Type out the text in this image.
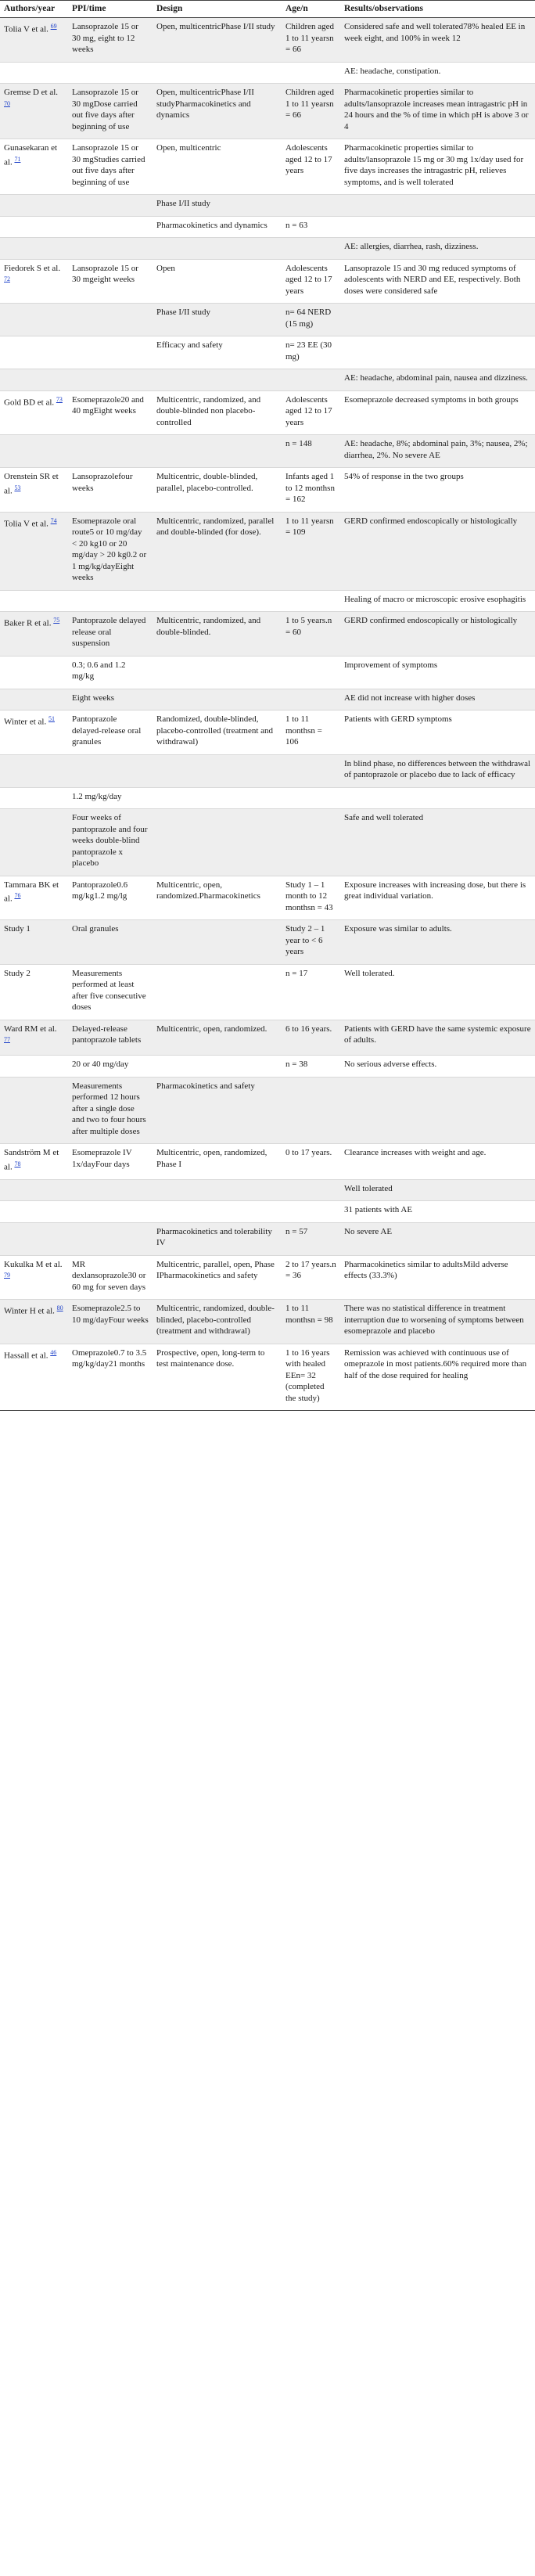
Authors/year	PPI/time	Design	Age/n	Results/observations
Tolia V et al. $^{69}$	Lansoprazole 15 or 30 mg, eight to 12 weeks	Open, multicentricPhase I/II study	Children aged 1 to 11 yearsn = 66	Considered safe and well tolerated78% healed EE in week eight, and 100% in week 12
				AE: headache, constipation.
Gremse D et al. $^{70}$	Lansoprazole 15 or 30 mgDose carried out five days after beginning of use	Open, multicentricPhase I/II studyPharmacokinetics and dynamics	Children aged 1 to 11 yearsn = 66	Pharmacokinetic properties similar to adults/lansoprazole increases mean intragastric pH in 24 hours and the % of time in which pH is above 3 or 4
Gunasekaran et al. $^{71}$	Lansoprazole 15 or 30 mgStudies carried out five days after beginning of use	Open, multicentric	Adolescents aged 12 to 17 years	Pharmacokinetic properties similar to adults/lansoprazole 15 mg or 30 mg 1x/day used for five days increases the intragastric pH, relieves symptoms, and is well tolerated
		Phase I/II study		
		Pharmacokinetics and dynamics	n = 63	
				AE: allergies, diarrhea, rash, dizziness.
Fiedorek S et al. $^{72}$	Lansoprazole 15 or 30 mgeight weeks	Open	Adolescents aged 12 to 17 years	Lansoprazole 15 and 30 mg reduced symptoms of adolescents with NERD and EE, respectively. Both doses were considered safe
		Phase I/II study	n= 64 NERD (15 mg)	
		Efficacy and safety	n= 23 EE (30 mg)	
				AE: headache, abdominal pain, nausea and dizziness.
Gold BD et al. $^{73}$	Esomeprazole20 and 40 mgEight weeks	Multicentric, randomized, and double-blinded non placebo-controlled	Adolescents aged 12 to 17 years	Esomeprazole decreased symptoms in both groups
			n = 148	AE: headache, 8%; abdominal pain, 3%; nausea, 2%; diarrhea, 2%. No severe AE
Orenstein SR et al. $^{53}$	Lansoprazolefour weeks	Multicentric, double-blinded, parallel, placebo-controlled.	Infants aged 1 to 12 monthsn = 162	54% of response in the two groups
Tolia V et al. $^{74}$	Esomeprazole oral route5 or 10 mg/day < 20 kg10 or 20 mg/day > 20 kg0.2 or 1 mg/kg/dayEight weeks	Multicentric, randomized, parallel and double-blinded (for dose).	1 to 11 yearsn = 109	GERD confirmed endoscopically or histologically
				Healing of macro or microscopic erosive esophagitis
Baker R et al. $^{75}$	Pantoprazole delayed release oral suspension	Multicentric, randomized, and double-blinded.	1 to 5 years.n = 60	GERD confirmed endoscopically or histologically
	0.3; 0.6 and 1.2 mg/kg			Improvement of symptoms
	Eight weeks			AE did not increase with higher doses
Winter et al. $^{51}$	Pantoprazole delayed-release oral granules	Randomized, double-blinded, placebo-controlled (treatment and withdrawal)	1 to 11 monthsn = 106	Patients with GERD symptoms
				In blind phase, no differences between the withdrawal of pantoprazole or placebo due to lack of efficacy
	1.2 mg/kg/day			
	Four weeks of pantoprazole and four weeks double-blind pantoprazole x placebo			Safe and well tolerated
Tammara BK et al. $^{76}$	Pantoprazole0.6 mg/kg1.2 mg/lg	Multicentric, open, randomized.Pharmacokinetics	Study 1 – 1 month to 12 monthsn = 43	Exposure increases with increasing dose, but there is great individual variation.
Study 1	Oral granules		Study 2 – 1 year to < 6 years	Exposure was similar to adults.
Study 2	Measurements performed at least after five consecutive doses		n = 17	Well tolerated.
Ward RM et al. $^{77}$	Delayed-release pantoprazole tablets	Multicentric, open, randomized.	6 to 16 years.	Patients with GERD have the same systemic exposure of adults.
	20 or 40 mg/day		n = 38	No serious adverse effects.
	Measurements performed 12 hours after a single dose and two to four hours after multiple doses	Pharmacokinetics and safety		
Sandström M et al. $^{78}$	Esomeprazole IV 1x/dayFour days	Multicentric, open, randomized, Phase I	0 to 17 years.	Clearance increases with weight and age.
				Well tolerated
				31 patients with AE
		Pharmacokinetics and tolerability IV	n = 57	No severe AE
Kukulka M et al. $^{79}$	MR dexlansoprazole30 or 60 mg for seven days	Multicentric, parallel, open, Phase IPharmacokinetics and safety	2 to 17 years.n = 36	Pharmacokinetics similar to adultsMild adverse effects (33.3%)
Winter H et al. $^{80}$	Esomeprazole2.5 to 10 mg/dayFour weeks	Multicentric, randomized, double-blinded, placebo-controlled (treatment and withdrawal)	1 to 11 monthsn = 98	There was no statistical difference in treatment interruption due to worsening of symptoms between esomeprazole and placebo
Hassall et al. $^{46}$	Omeprazole0.7 to 3.5 mg/kg/day21 months	Prospective, open, long-term to test maintenance dose.	1 to 16 years with healed EEn= 32 (completed the study)	Remission was achieved with continuous use of omeprazole in most patients.60% required more than half of the dose required for healing
